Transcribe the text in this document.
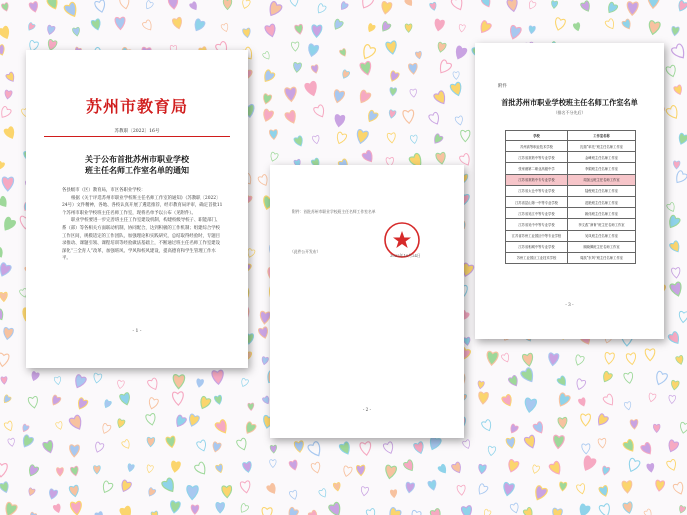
苏州市教育局
苏教职〔2022〕16号
关于公布首批苏州市职业学校
班主任名师工作室名单的通知

各县级市（区）教育局，市区各职业学校：

根据《关于评选苏州市职业学校班主任名师工作室的通知》（苏教职〔2022〕24号）文件精神，各地、各校认真开展了遴选推荐，经市教育局评审，确定首批11个苏州市职业学校班主任名师工作室，现将名单予以公布（见附件）。

职业学校要进一步完善班主任工作室建设机制，构建校级导校子、职能部门、系（部）等各相关方面联动机制，协同配合，达到积极的工作机制；组建综合学校工作区间，规模适定的工作团队，加强理论和实践研究，总结取得经验时，专题目录推动、课题引领、课程培训等经验做法基础上，不断通过班主任名师工作室建设深化“三全育人”改革，加强班风、学风和校风建设，提高德育和学生管理工作水平。

- 1 -
附件：首批苏州市职业学校班主任名师工作室名单
（此件公开发布）
2022年10月24日
- 2 -
附件
首批苏州市职业学校班主任名师工作室名单
（排名不分先后）
学校	工作室名称
苏州高等职业技术学校	沈瑞“率先”班主任名师工作室
江苏省常熟中等专业学校	金峰班主任名师工作室
张家港第二职业高级中学	李娟班主任名师工作室
江苏省常熟中专专业学校	周加云班主任名师工作室
江苏省太仓中等专业学校	陆俊班主任名师工作室
江苏省昆山第一中等专业学校	范艳班主任名师工作室
江苏省吴江中等专业学校	姚伟班主任名师工作室
江苏省吴中中等专业学校	李文彪“润育”班主任名师工作室
江苏省苏州工业园区中等专业学校	吴凤班主任名师工作室
江苏省相城中等专业学校	顾晓佩班主任名师工作室
苏州工业园区工业技术学校	周凯“东风”班主任名师工作室
- 3 -
